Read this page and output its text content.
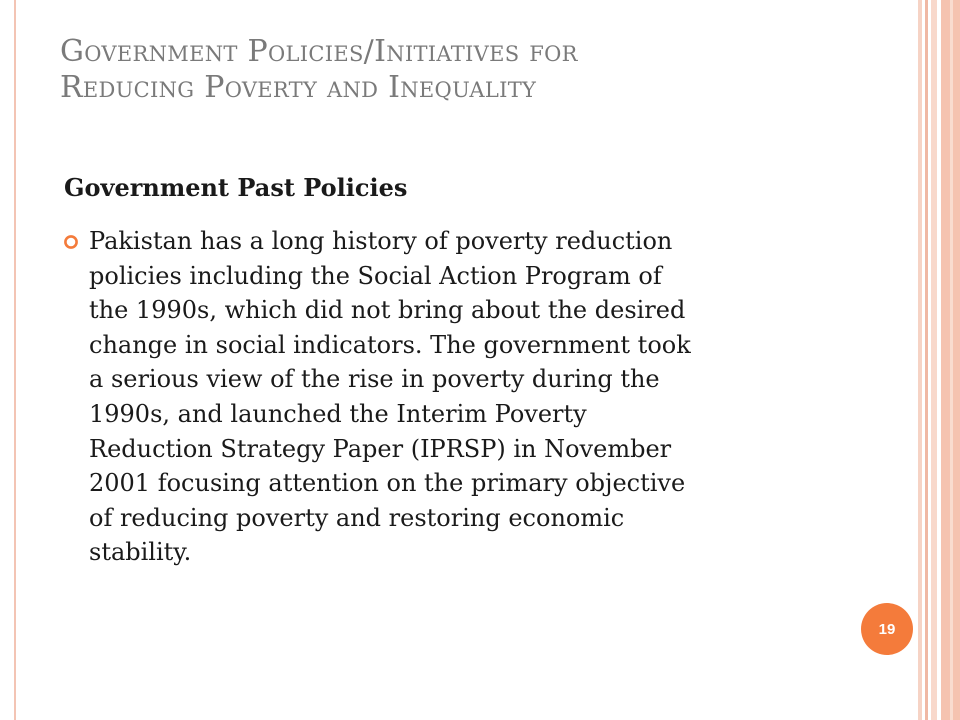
Government Policies/Initiatives for
Reducing Poverty and Inequality
Government Past Policies
Pakistan has a long history of poverty reduction
policies including the Social Action Program of
the 1990s, which did not bring about the desired
change in social indicators. The government took
a serious view of the rise in poverty during the
1990s, and launched the Interim Poverty
Reduction Strategy Paper (IPRSP) in November
2001 focusing attention on the primary objective
of reducing poverty and restoring economic
stability.
19
